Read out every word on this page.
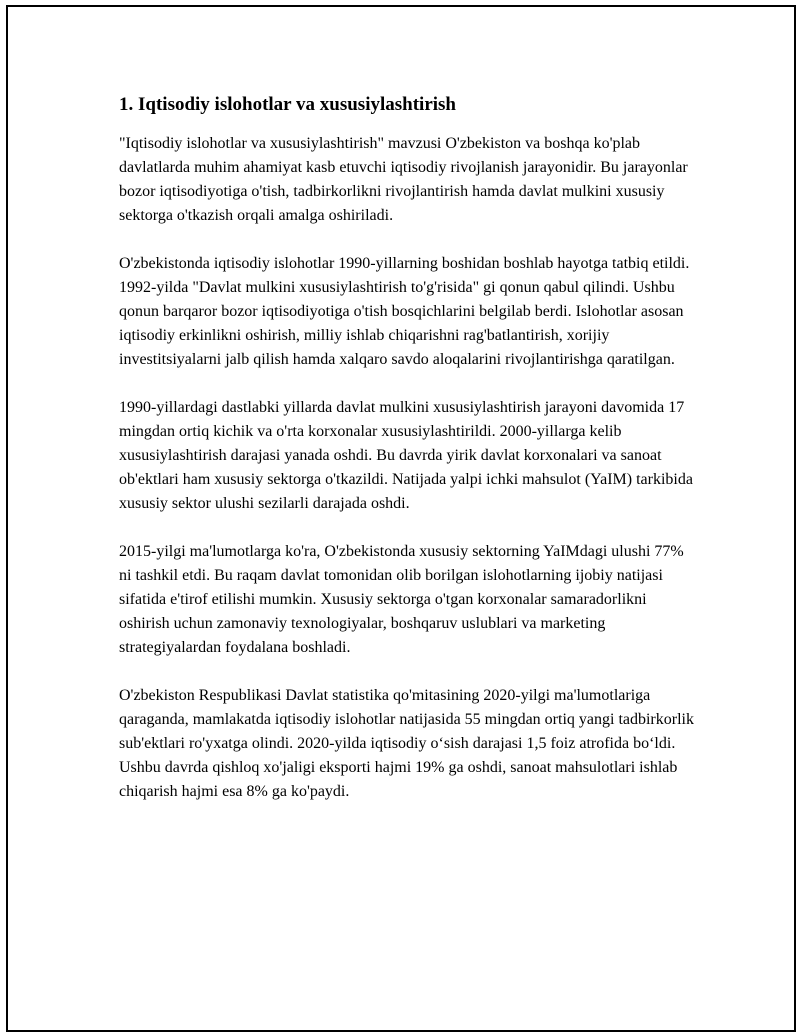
1. Iqtisodiy islohotlar va xususiylashtirish

"Iqtisodiy islohotlar va xususiylashtirish" mavzusi O'zbekiston va boshqa ko'plab davlatlarda muhim ahamiyat kasb etuvchi iqtisodiy rivojlanish jarayonidir. Bu jarayonlar bozor iqtisodiyotiga o'tish, tadbirkorlikni rivojlantirish hamda davlat mulkini xususiy sektorga o'tkazish orqali amalga oshiriladi.

O'zbekistonda iqtisodiy islohotlar 1990-yillarning boshidan boshlab hayotga tatbiq etildi. 1992-yilda "Davlat mulkini xususiylashtirish to'g'risida" gi qonun qabul qilindi. Ushbu qonun barqaror bozor iqtisodiyotiga o'tish bosqichlarini belgilab berdi. Islohotlar asosan iqtisodiy erkinlikni oshirish, milliy ishlab chiqarishni rag'batlantirish, xorijiy investitsiyalarni jalb qilish hamda xalqaro savdo aloqalarini rivojlantirishga qaratilgan.

1990-yillardagi dastlabki yillarda davlat mulkini xususiylashtirish jarayoni davomida 17 mingdan ortiq kichik va o'rta korxonalar xususiylashtirildi. 2000-yillarga kelib xususiylashtirish darajasi yanada oshdi. Bu davrda yirik davlat korxonalari va sanoat ob'ektlari ham xususiy sektorga o'tkazildi. Natijada yalpi ichki mahsulot (YaIM) tarkibida xususiy sektor ulushi sezilarli darajada oshdi.

2015-yilgi ma'lumotlarga ko'ra, O'zbekistonda xususiy sektorning YaIMdagi ulushi 77% ni tashkil etdi. Bu raqam davlat tomonidan olib borilgan islohotlarning ijobiy natijasi sifatida e'tirof etilishi mumkin. Xususiy sektorga o'tgan korxonalar samaradorlikni oshirish uchun zamonaviy texnologiyalar, boshqaruv uslublari va marketing strategiyalardan foydalana boshladi.

O'zbekiston Respublikasi Davlat statistika qo'mitasining 2020-yilgi ma'lumotlariga qaraganda, mamlakatda iqtisodiy islohotlar natijasida 55 mingdan ortiq yangi tadbirkorlik sub'ektlari ro'yxatga olindi. 2020-yilda iqtisodiy o‘sish darajasi 1,5 foiz atrofida bo‘ldi. Ushbu davrda qishloq xo'jaligi eksporti hajmi 19% ga oshdi, sanoat mahsulotlari ishlab chiqarish hajmi esa 8% ga ko'paydi.
